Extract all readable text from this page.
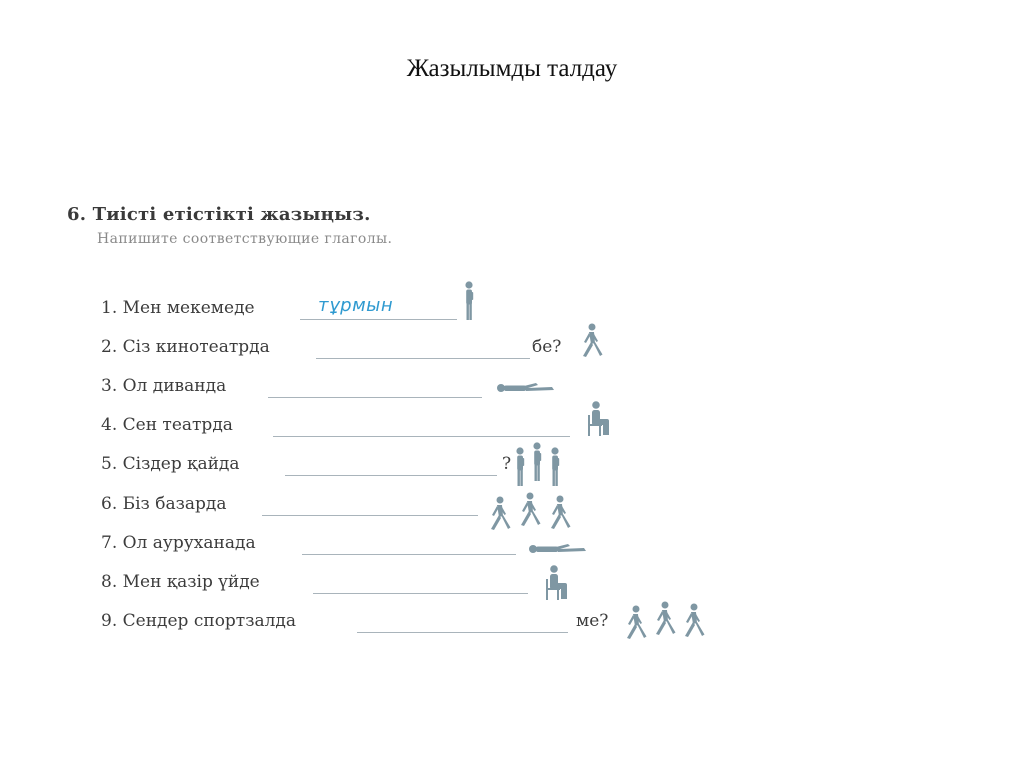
Жазылымды талдау
6. Тиісті етістікті жазыңыз.
Напишите соответствующие глаголы.
1. Мен мекемеде	тұрмын
2. Сіз кинотеатрда	бе?
3. Ол диванда
4. Сен театрда
5. Сіздер қайда	?
6. Біз базарда
7. Ол ауруханада
8. Мен қазір үйде
9. Сендер спортзалда	ме?
